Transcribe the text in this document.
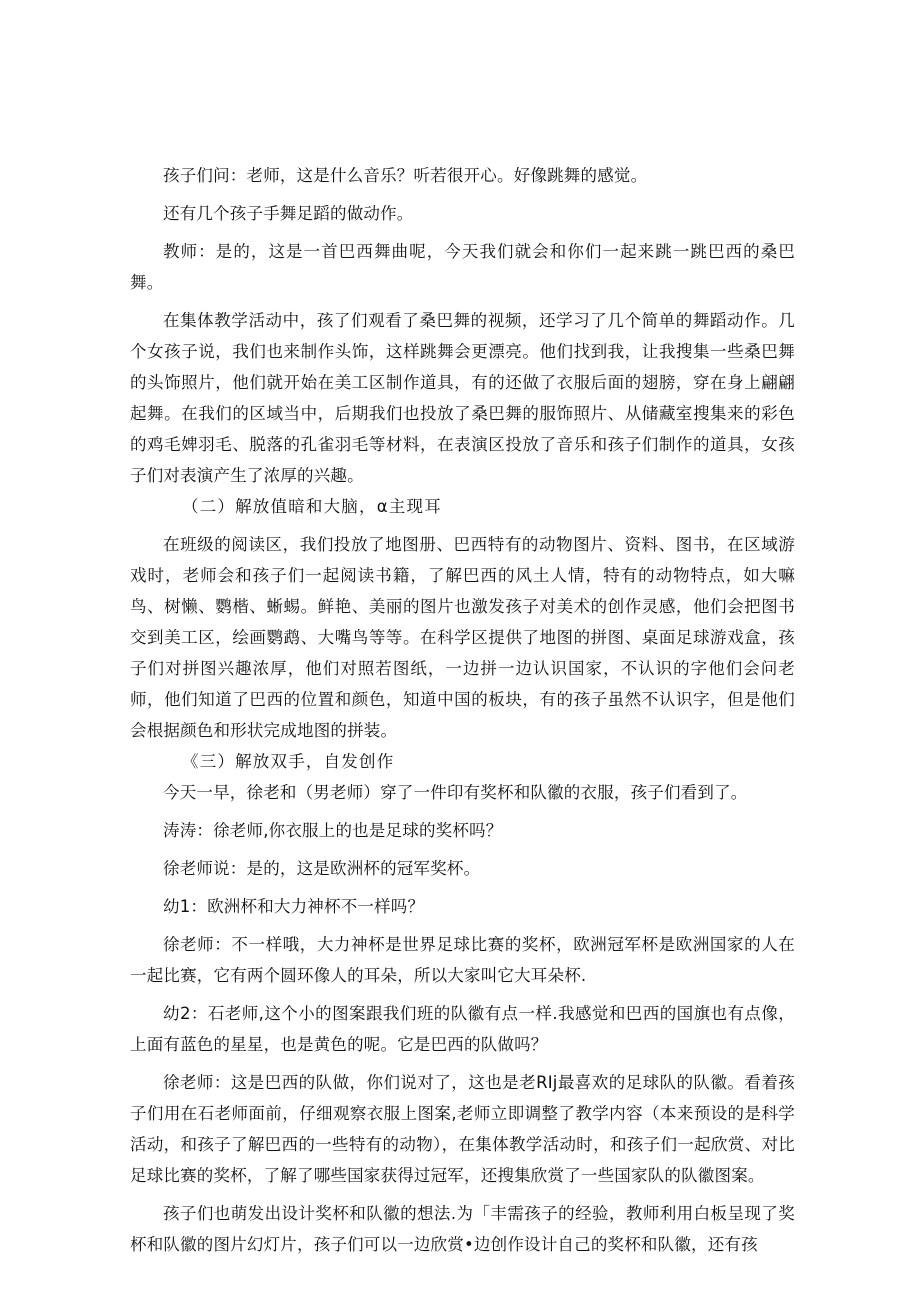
孩子们问：老师，这是什么音乐？听若很开心。好像跳舞的感觉。

还有几个孩子手舞足蹈的做动作。

教师：是的，这是一首巴西舞曲呢，今天我们就会和你们一起来跳一跳巴西的桑巴舞。

在集体教学活动中，孩了们观看了桑巴舞的视频，还学习了几个简单的舞蹈动作。几个女孩子说，我们也来制作头饰，这样跳舞会更漂亮。他们找到我，让我搜集一些桑巴舞的头饰照片，他们就开始在美工区制作道具，有的还做了衣服后面的翅膀，穿在身上翩翩起舞。在我们的区域当中，后期我们也投放了桑巴舞的服饰照片、从储藏室搜集来的彩色的鸡毛婢羽毛、脱落的孔雀羽毛等材料，在表演区投放了音乐和孩子们制作的道具，女孩子们对表演产生了浓厚的兴趣。

（二）解放值暗和大脑，α主现耳

在班级的阅读区，我们投放了地图册、巴西特有的动物图片、资料、图书，在区域游戏时，老师会和孩子们一起阅读书籍，了解巴西的风土人情，特有的动物特点，如大嘛鸟、树懒、鹦楷、蜥蜴。鲜艳、美丽的图片也激发孩子对美术的创作灵感，他们会把图书交到美工区，绘画鹦鹉、大嘴鸟等等。在科学区提供了地图的拼图、桌面足球游戏盒，孩子们对拼图兴趣浓厚，他们对照若图纸，一边拼一边认识国家，不认识的字他们会问老师，他们知道了巴西的位置和颜色，知道中国的板块，有的孩子虽然不认识字，但是他们会根据颜色和形状完成地图的拼装。

《三）解放双手，自发创作

今天一早，徐老和（男老师）穿了一件印有奖杯和队徽的衣服，孩子们看到了。

涛涛：徐老师,你衣服上的也是足球的奖杯吗？

徐老师说：是的，这是欧洲杯的冠军奖杯。

幼1：欧洲杯和大力神杯不一样吗？

徐老师：不一样哦，大力神杯是世界足球比赛的奖杯，欧洲冠军杯是欧洲国家的人在一起比赛，它有两个圆环像人的耳朵，所以大家叫它大耳朵杯.

幼2：石老师,这个小的图案跟我们班的队徽有点一样.我感觉和巴西的国旗也有点像，上面有蓝色的星星，也是黄色的呢。它是巴西的队做吗？

徐老师：这是巴西的队做，你们说对了，这也是老RIj最喜欢的足球队的队徽。看着孩子们用在石老师面前，仔细观察衣服上图案,老师立即调整了教学内容（本来预设的是科学活动，和孩子了解巴西的一些特有的动物），在集体教学活动时，和孩子们一起欣赏、对比足球比赛的奖杯，了解了哪些国家获得过冠军，还搜集欣赏了一些国家队的队徽图案。

孩子们也萌发出设计奖杯和队徽的想法.为「丰需孩子的经验，教师利用白板呈现了奖杯和队徽的图片幻灯片，孩子们可以一边欣赏•边创作设计自己的奖杯和队徽，还有孩
